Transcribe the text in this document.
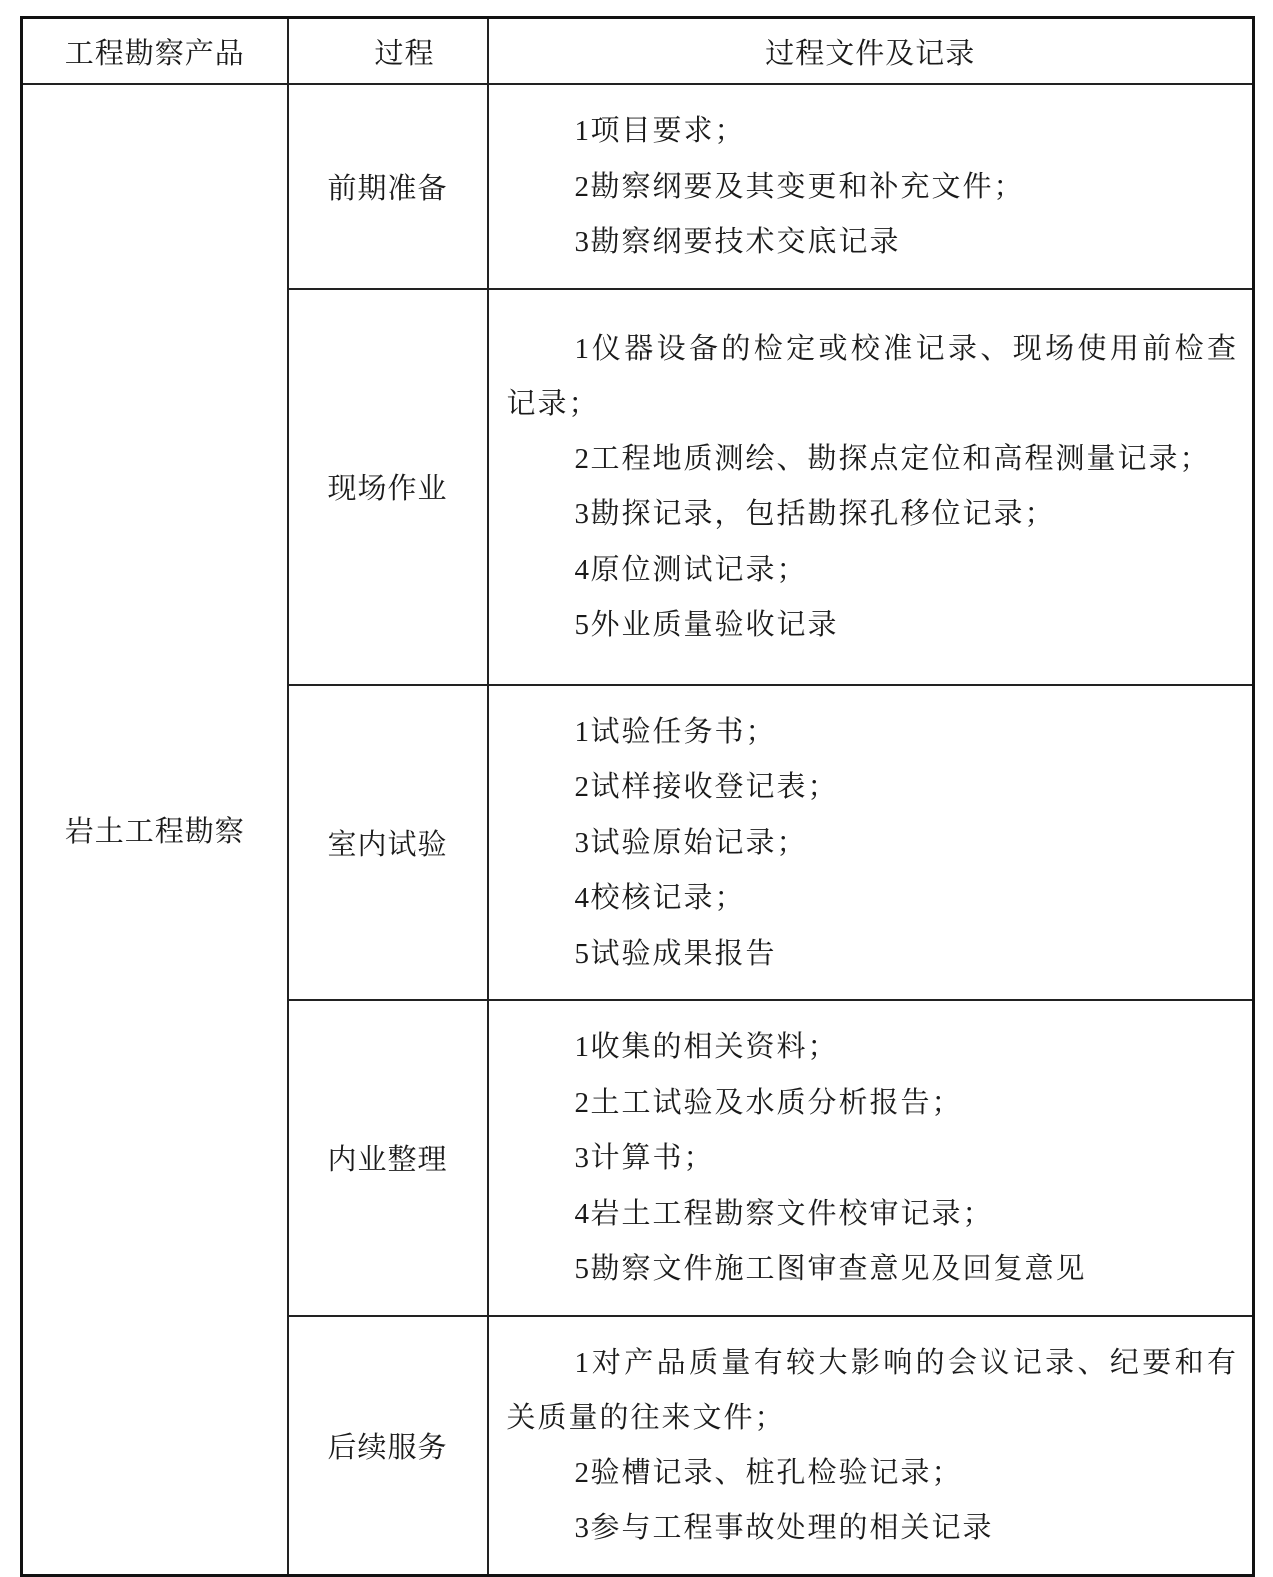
工程勘察产品	过程	过程文件及记录
岩土工程勘察	前期准备	1项目要求；

2勘察纲要及其变更和补充文件；

3勘察纲要技术交底记录

	现场作业	1仪器设备的检定或校准记录、现场使用前检查记录；

2工程地质测绘、勘探点定位和高程测量记录；

3勘探记录，包括勘探孔移位记录；

4原位测试记录；

5外业质量验收记录

	室内试验	1试验任务书；

2试样接收登记表；

3试验原始记录；

4校核记录；

5试验成果报告

	内业整理	1收集的相关资料；

2土工试验及水质分析报告；

3计算书；

4岩土工程勘察文件校审记录；

5勘察文件施工图审查意见及回复意见

	后续服务	1对产品质量有较大影响的会议记录、纪要和有关质量的往来文件；

2验槽记录、桩孔检验记录；

3参与工程事故处理的相关记录
